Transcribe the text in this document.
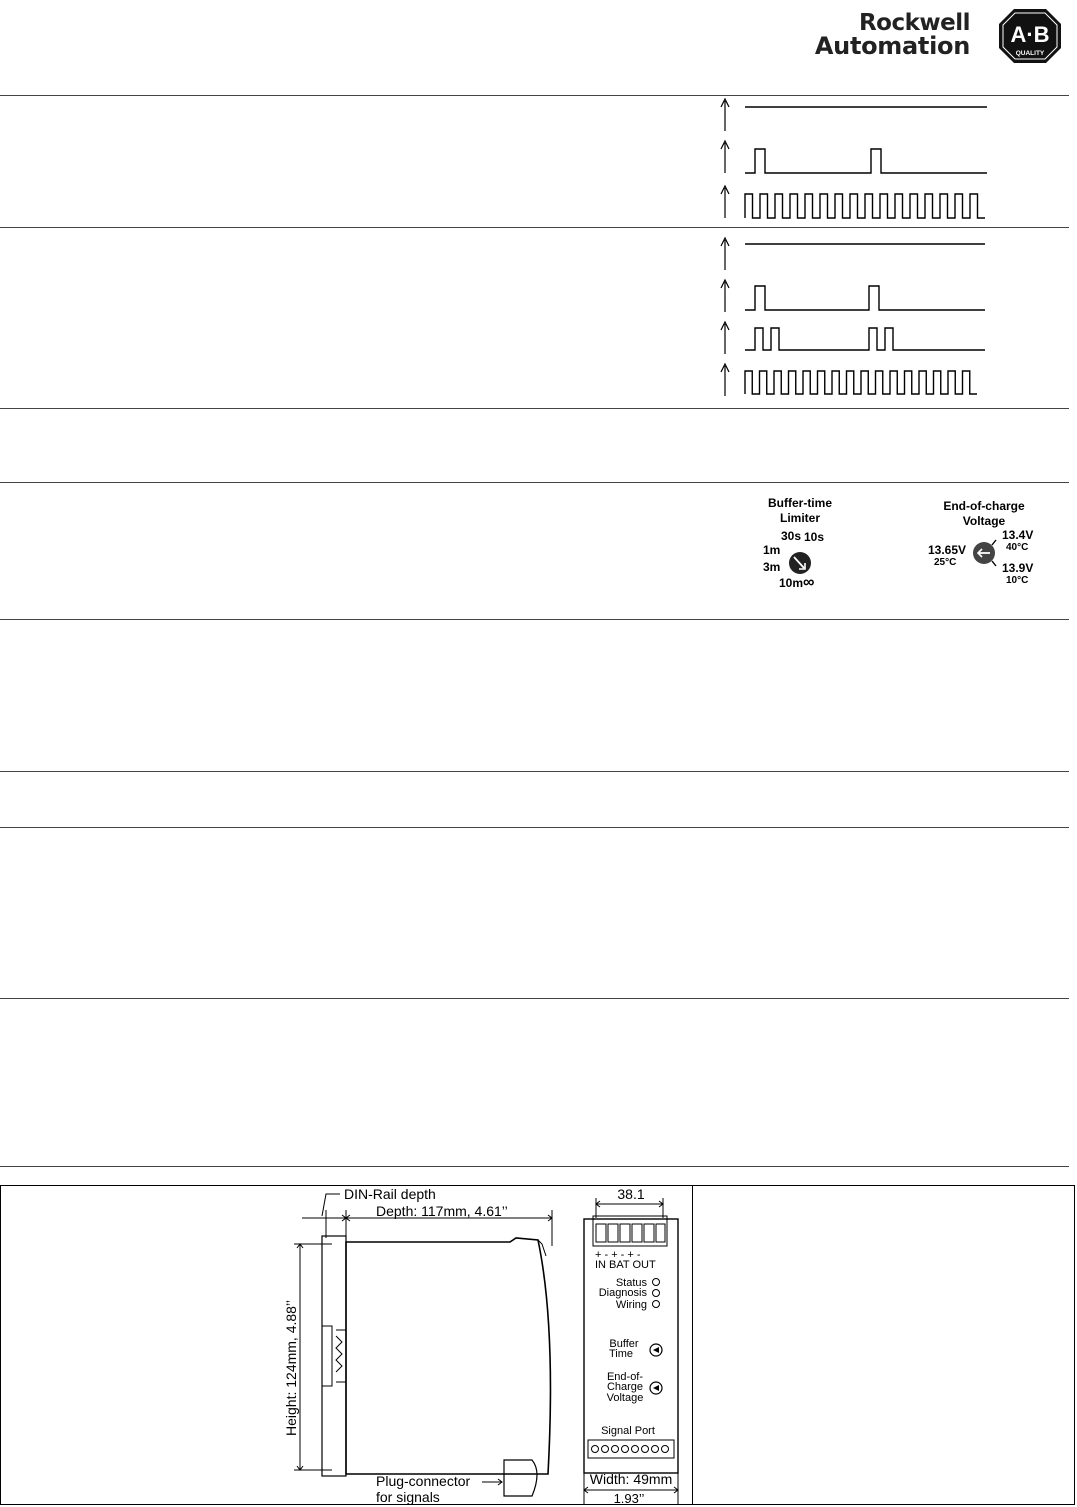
Rockwell
Automation A·B
QUALITY
Buffer-time
Limiter
30s 10s
1m
3m
10m ∞
End-of-charge
Voltage
13.4V
40°C
13.65V
25°C	13.9V
10°C
DIN-Rail depth
Depth: 117mm, 4.61’’
Height: 124mm, 4.88’’
Plug-connector
for signals
38.1
+ - + - + -
IN BAT OUT
Status
Diagnosis
Wiring
Buffer
Time
End-of-
Charge
Voltage
Signal Port
Width: 49mm
1.93’’
